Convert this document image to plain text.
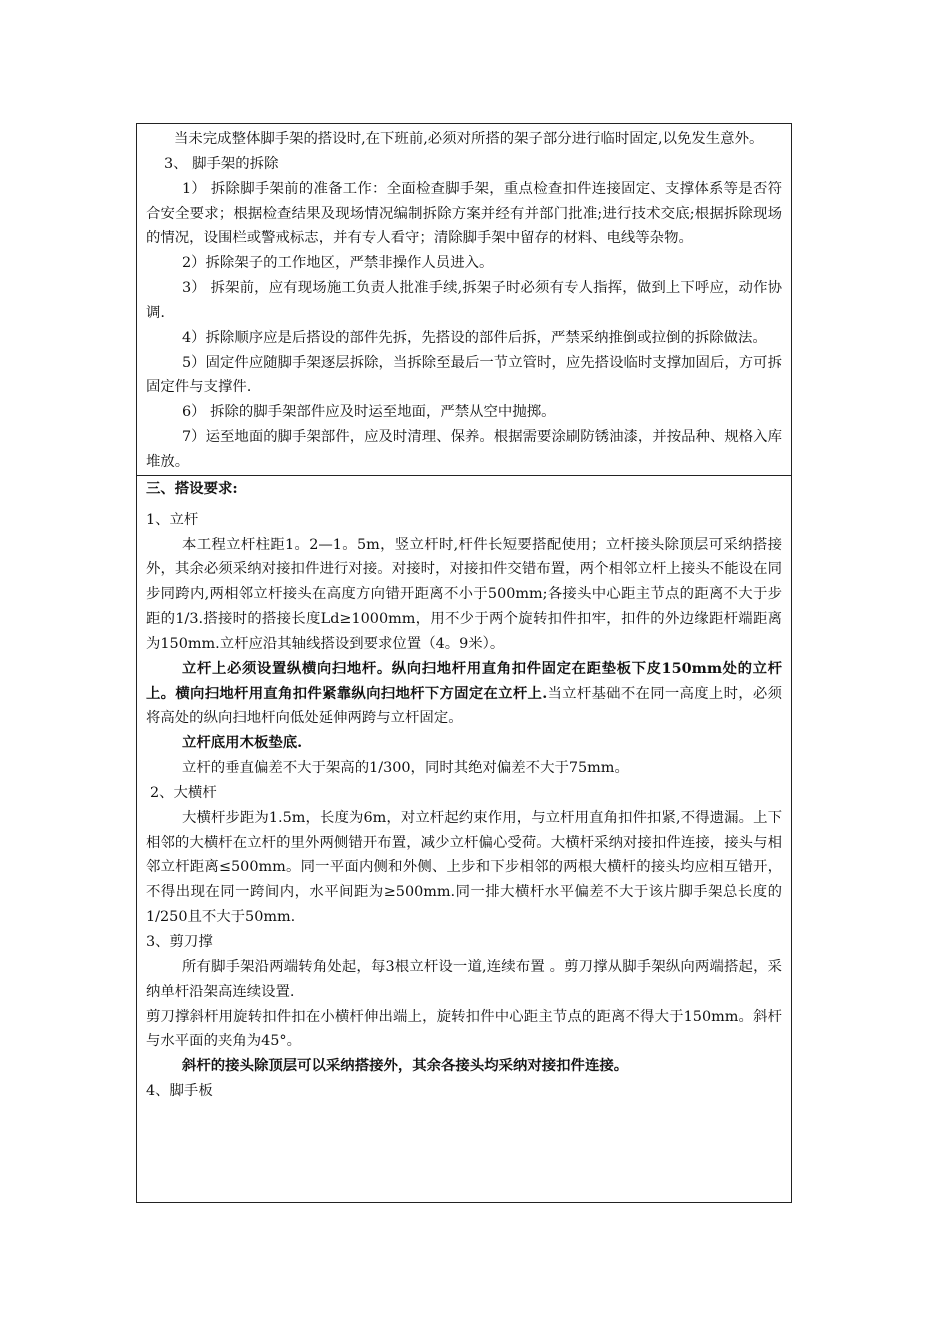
当未完成整体脚手架的搭设时,在下班前,必须对所搭的架子部分进行临时固定,以免发生意外。

3、 脚手架的拆除

1） 拆除脚手架前的准备工作：全面检查脚手架，重点检查扣件连接固定、支撑体系等是否符合安全要求；根据检查结果及现场情况编制拆除方案并经有并部门批准;进行技术交底;根据拆除现场的情况，设围栏或警戒标志，并有专人看守；清除脚手架中留存的材料、电线等杂物。

2）拆除架子的工作地区，严禁非操作人员进入。

3） 拆架前，应有现场施工负责人批准手续,拆架子时必须有专人指挥，做到上下呼应，动作协调.

4）拆除顺序应是后搭设的部件先拆，先搭设的部件后拆，严禁采纳推倒或拉倒的拆除做法。

5）固定件应随脚手架逐层拆除，当拆除至最后一节立管时，应先搭设临时支撑加固后，方可拆固定件与支撑件.

6） 拆除的脚手架部件应及时运至地面，严禁从空中抛掷。

7）运至地面的脚手架部件，应及时清理、保养。根据需要涂刷防锈油漆，并按品种、规格入库堆放。

三、搭设要求:

1、立杆

本工程立杆柱距1。2—1。5m，竖立杆时,杆件长短要搭配使用；立杆接头除顶层可采纳搭接外，其余必须采纳对接扣件进行对接。对接时，对接扣件交错布置，两个相邻立杆上接头不能设在同步同跨内,两相邻立杆接头在高度方向错开距离不小于500mm;各接头中心距主节点的距离不大于步距的1/3.搭接时的搭接长度Ld≥1000mm，用不少于两个旋转扣件扣牢，扣件的外边缘距杆端距离为150mm.立杆应沿其轴线搭设到要求位置（4。9米）。

立杆上必须设置纵横向扫地杆。纵向扫地杆用直角扣件固定在距垫板下皮150mm处的立杆上。横向扫地杆用直角扣件紧靠纵向扫地杆下方固定在立杆上.当立杆基础不在同一高度上时，必须将高处的纵向扫地杆向低处延伸两跨与立杆固定。

立杆底用木板垫底.

立杆的垂直偏差不大于架高的1/300，同时其绝对偏差不大于75mm。

2、大横杆

大横杆步距为1.5m，长度为6m，对立杆起约束作用，与立杆用直角扣件扣紧,不得遗漏。上下相邻的大横杆在立杆的里外两侧错开布置，减少立杆偏心受荷。大横杆采纳对接扣件连接，接头与相邻立杆距离≤500mm。同一平面内侧和外侧、上步和下步相邻的两根大横杆的接头均应相互错开，不得出现在同一跨间内，水平间距为≥500mm.同一排大横杆水平偏差不大于该片脚手架总长度的1/250且不大于50mm.

3、剪刀撑

所有脚手架沿两端转角处起，每3根立杆设一道,连续布置 。剪刀撑从脚手架纵向两端搭起，采纳单杆沿架高连续设置.

剪刀撑斜杆用旋转扣件扣在小横杆伸出端上，旋转扣件中心距主节点的距离不得大于150mm。斜杆与水平面的夹角为45°。

斜杆的接头除顶层可以采纳搭接外，其余各接头均采纳对接扣件连接。

4、脚手板
